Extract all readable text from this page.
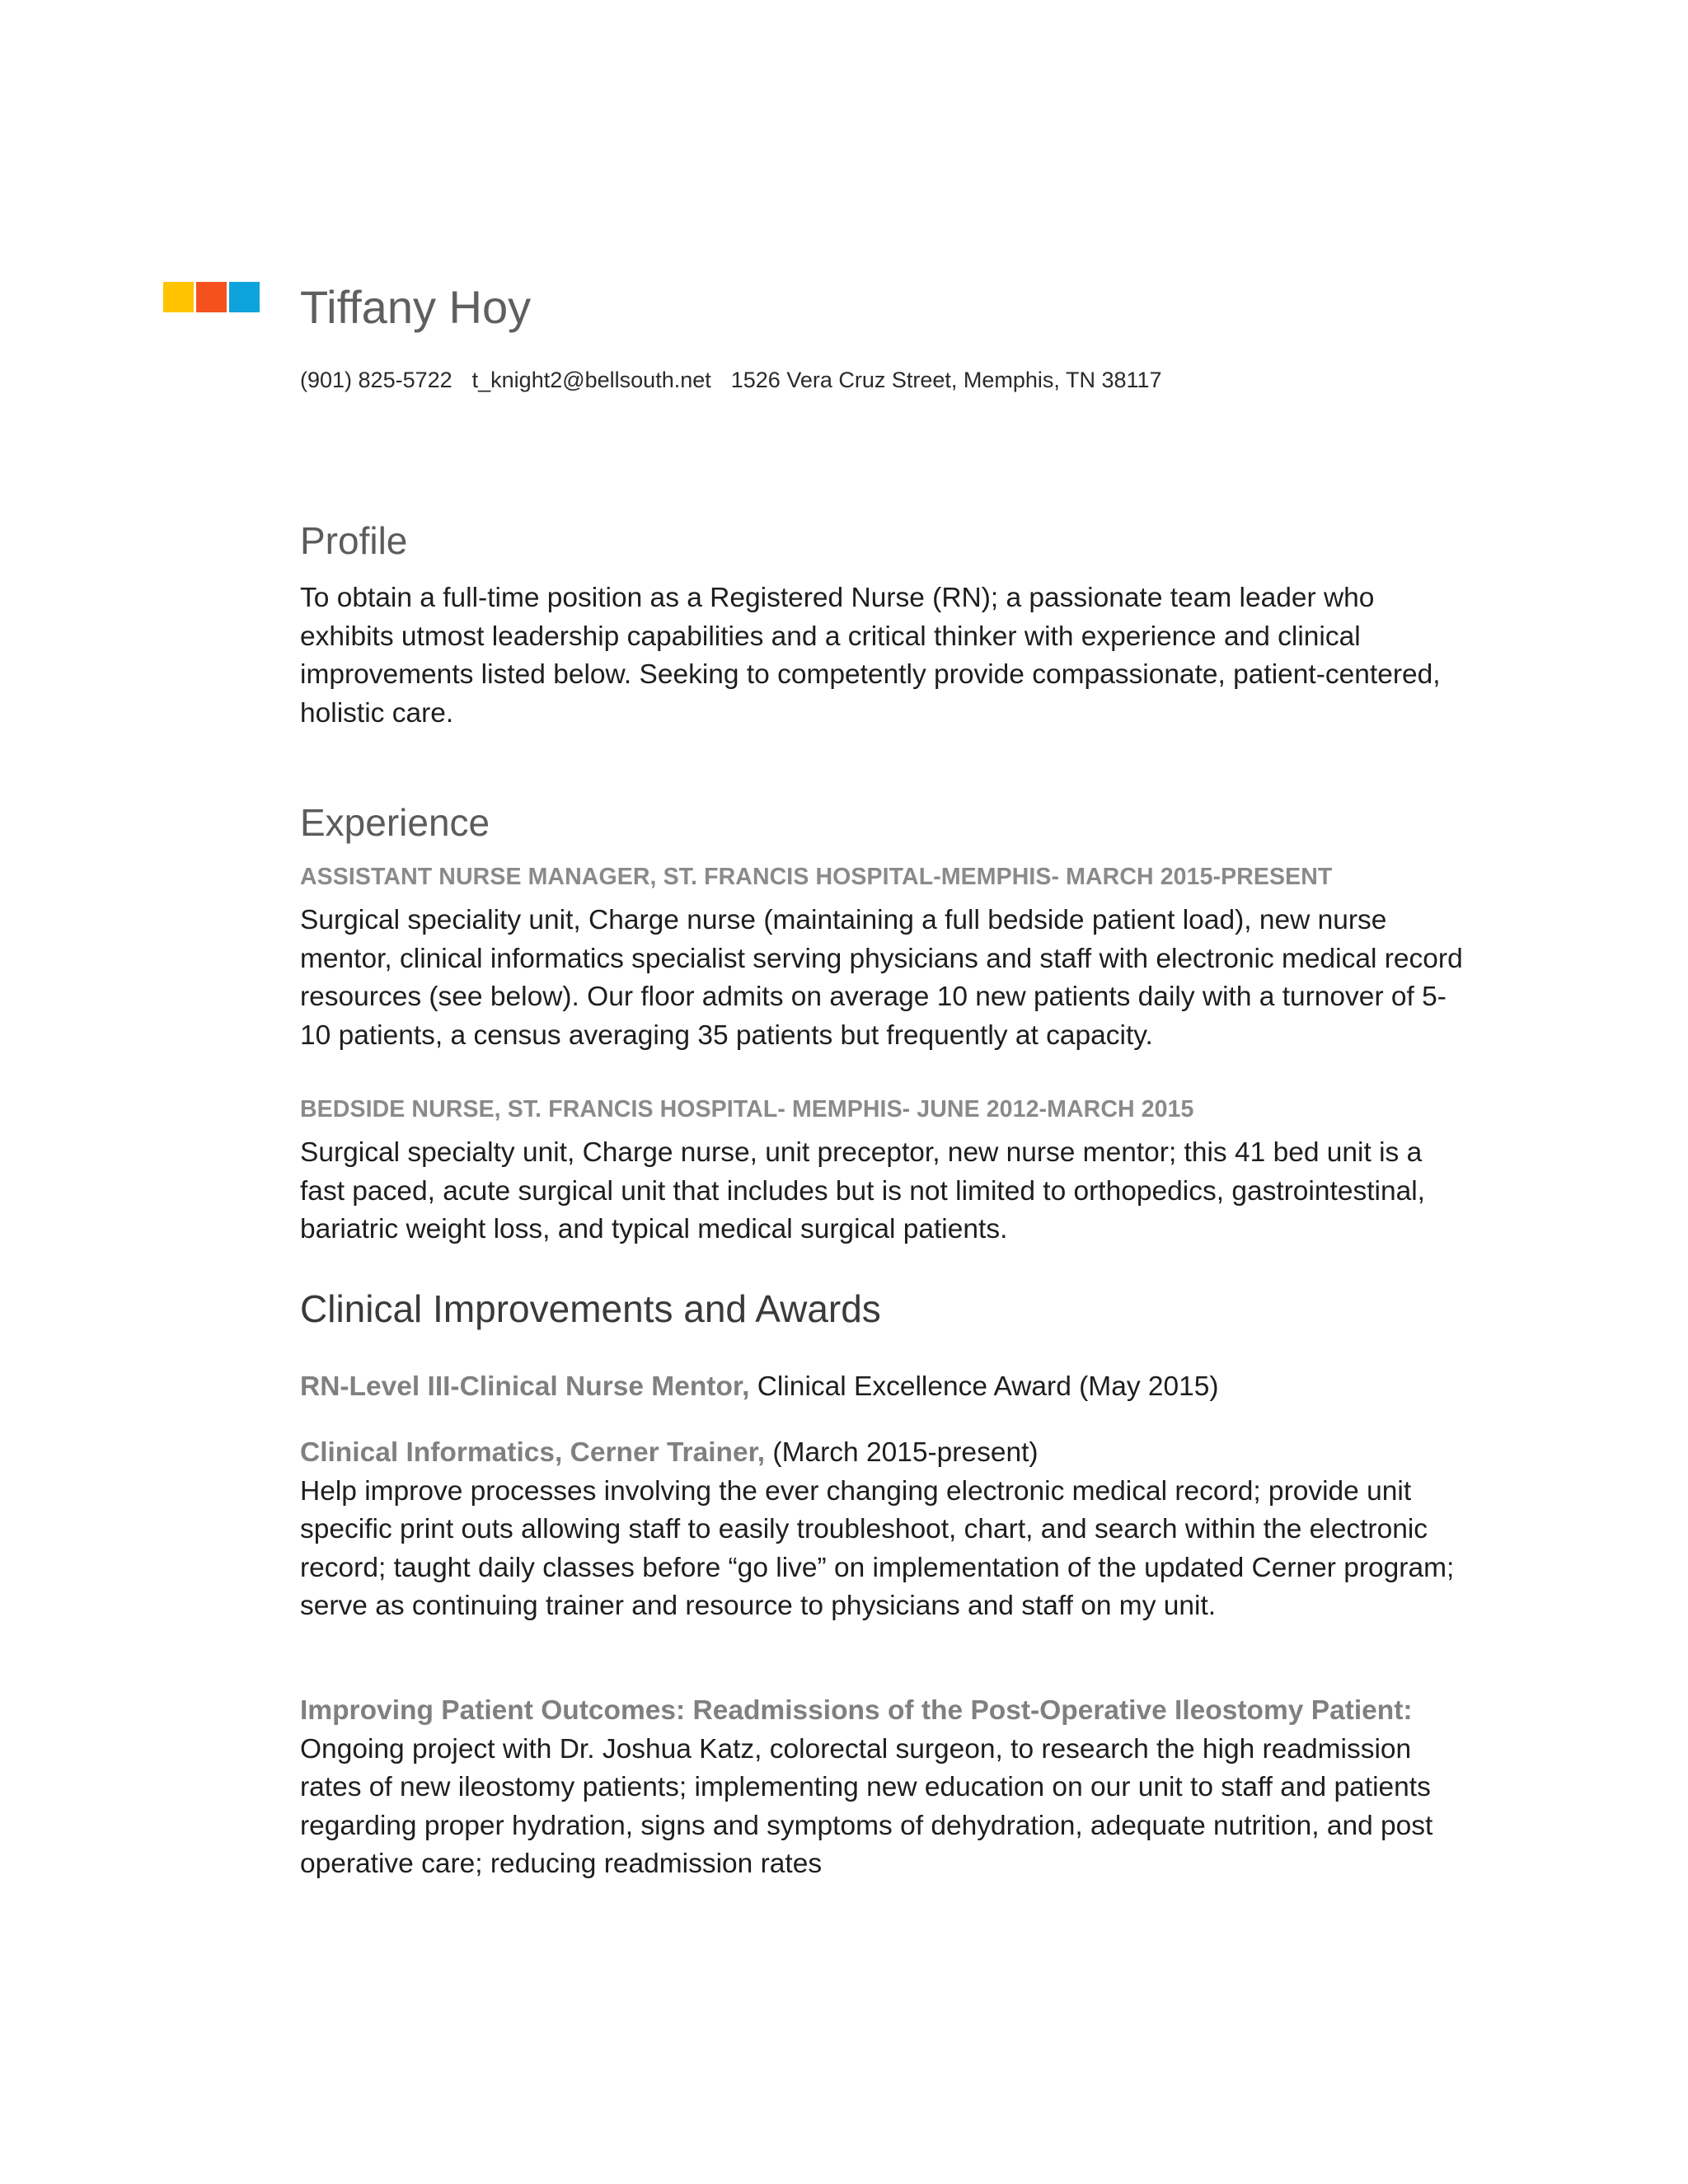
Tiffany Hoy
(901) 825-5722 t_knight2@bellsouth.net 1526 Vera Cruz Street, Memphis, TN 38117
Profile
To obtain a full-time position as a Registered Nurse (RN); a passionate team leader who exhibits utmost leadership capabilities and a critical thinker with experience and clinical improvements listed below. Seeking to competently provide compassionate, patient-centered, holistic care.
Experience
ASSISTANT NURSE MANAGER, ST. FRANCIS HOSPITAL-MEMPHIS- MARCH 2015-PRESENT
Surgical speciality unit, Charge nurse (maintaining a full bedside patient load), new nurse mentor, clinical informatics specialist serving physicians and staff with electronic medical record resources (see below). Our floor admits on average 10 new patients daily with a turnover of 5-10 patients, a census averaging 35 patients but frequently at capacity.
BEDSIDE NURSE, ST. FRANCIS HOSPITAL- MEMPHIS- JUNE 2012-MARCH 2015
Surgical specialty unit, Charge nurse, unit preceptor, new nurse mentor; this 41 bed unit is a fast paced, acute surgical unit that includes but is not limited to orthopedics, gastrointestinal, bariatric weight loss, and typical medical surgical patients.
Clinical Improvements and Awards
RN-Level III-Clinical Nurse Mentor, Clinical Excellence Award (May 2015)
Clinical Informatics, Cerner Trainer, (March 2015-present)
Help improve processes involving the ever changing electronic medical record; provide unit specific print outs allowing staff to easily troubleshoot, chart, and search within the electronic record; taught daily classes before “go live” on implementation of the updated Cerner program; serve as continuing trainer and resource to physicians and staff on my unit.
Improving Patient Outcomes: Readmissions of the Post-Operative Ileostomy Patient:
Ongoing project with Dr. Joshua Katz, colorectal surgeon, to research the high readmission rates of new ileostomy patients; implementing new education on our unit to staff and patients regarding proper hydration, signs and symptoms of dehydration, adequate nutrition, and post operative care; reducing readmission rates
